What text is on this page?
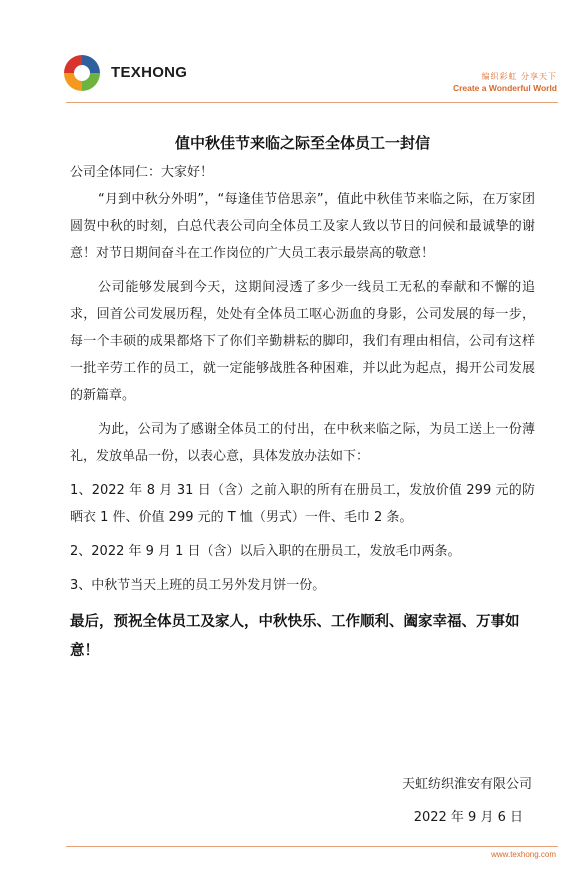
TEXHONG	编织彩虹 分享天下
Create a Wonderful World
值中秋佳节来临之际至全体员工一封信

公司全体同仁：大家好！

“月到中秋分外明”，“每逢佳节倍思亲”，值此中秋佳节来临之际，在万家团圆贺中秋的时刻，白总代表公司向全体员工及家人致以节日的问候和最诚挚的谢意！对节日期间奋斗在工作岗位的广大员工表示最崇高的敬意！

公司能够发展到今天，这期间浸透了多少一线员工无私的奉献和不懈的追求，回首公司发展历程，处处有全体员工呕心沥血的身影，公司发展的每一步，每一个丰硕的成果都烙下了你们辛勤耕耘的脚印，我们有理由相信，公司有这样一批辛劳工作的员工，就一定能够战胜各种困难，并以此为起点，揭开公司发展的新篇章。

为此，公司为了感谢全体员工的付出，在中秋来临之际，为员工送上一份薄礼，发放单品一份，以表心意，具体发放办法如下：

1、2022 年 8 月 31 日（含）之前入职的所有在册员工，发放价值 299 元的防晒衣 1 件、价值 299 元的 T 恤（男式）一件、毛巾 2 条。

2、2022 年 9 月 1 日（含）以后入职的在册员工，发放毛巾两条。

3、中秋节当天上班的员工另外发月饼一份。

最后，预祝全体员工及家人，中秋快乐、工作顺利、阖家幸福、万事如意！

天虹纺织淮安有限公司
2022 年 9 月 6 日
www.texhong.com
